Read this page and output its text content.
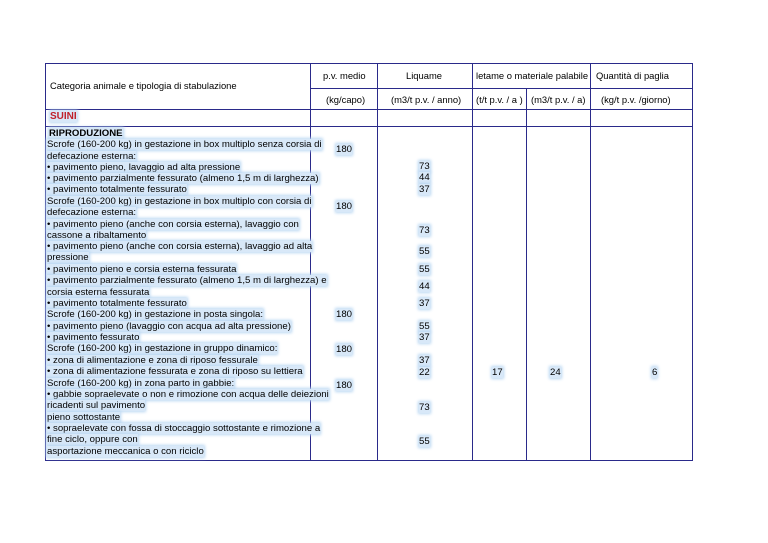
Categoria animale e tipologia di stabulazione
p.v. medio
(kg/capo)
Liquame
(m3/t p.v. / anno)
letame o materiale palabile
(t/t p.v. / a ) (m3/t p.v. / a)
Quantità di paglia
(kg/t p.v. /giorno)
SUINI
RIPRODUZIONE
Scrofe (160-200 kg) in gestazione in box multiplo senza corsia di
defecazione esterna:
• pavimento pieno, lavaggio ad alta pressione
• pavimento parzialmente fessurato (almeno 1,5 m di larghezza)
• pavimento totalmente fessurato
Scrofe (160-200 kg) in gestazione in box multiplo con corsia di
defecazione esterna:
• pavimento pieno (anche con corsia esterna), lavaggio con
cassone a ribaltamento
• pavimento pieno (anche con corsia esterna), lavaggio ad alta
pressione
• pavimento pieno e corsia esterna fessurata
• pavimento parzialmente fessurato (almeno 1,5 m di larghezza) e
corsia esterna fessurata
• pavimento totalmente fessurato
Scrofe (160-200 kg) in gestazione in posta singola:
• pavimento pieno (lavaggio con acqua ad alta pressione)
• pavimento fessurato
Scrofe (160-200 kg) in gestazione in gruppo dinamico:
• zona di alimentazione e zona di riposo fessurale
• zona di alimentazione fessurata e zona di riposo su lettiera
Scrofe (160-200 kg) in zona parto in gabbie:
• gabbie sopraelevate o non e rimozione con acqua delle deiezioni
ricadenti sul pavimento
pieno sottostante
• sopraelevate con fossa di stoccaggio sottostante e rimozione a
fine ciclo, oppure con
asportazione meccanica o con riciclo
180
180
180
180
180
73
44
37
73
55
55
44
37
55
37
37
22
73
55
17	24	6
